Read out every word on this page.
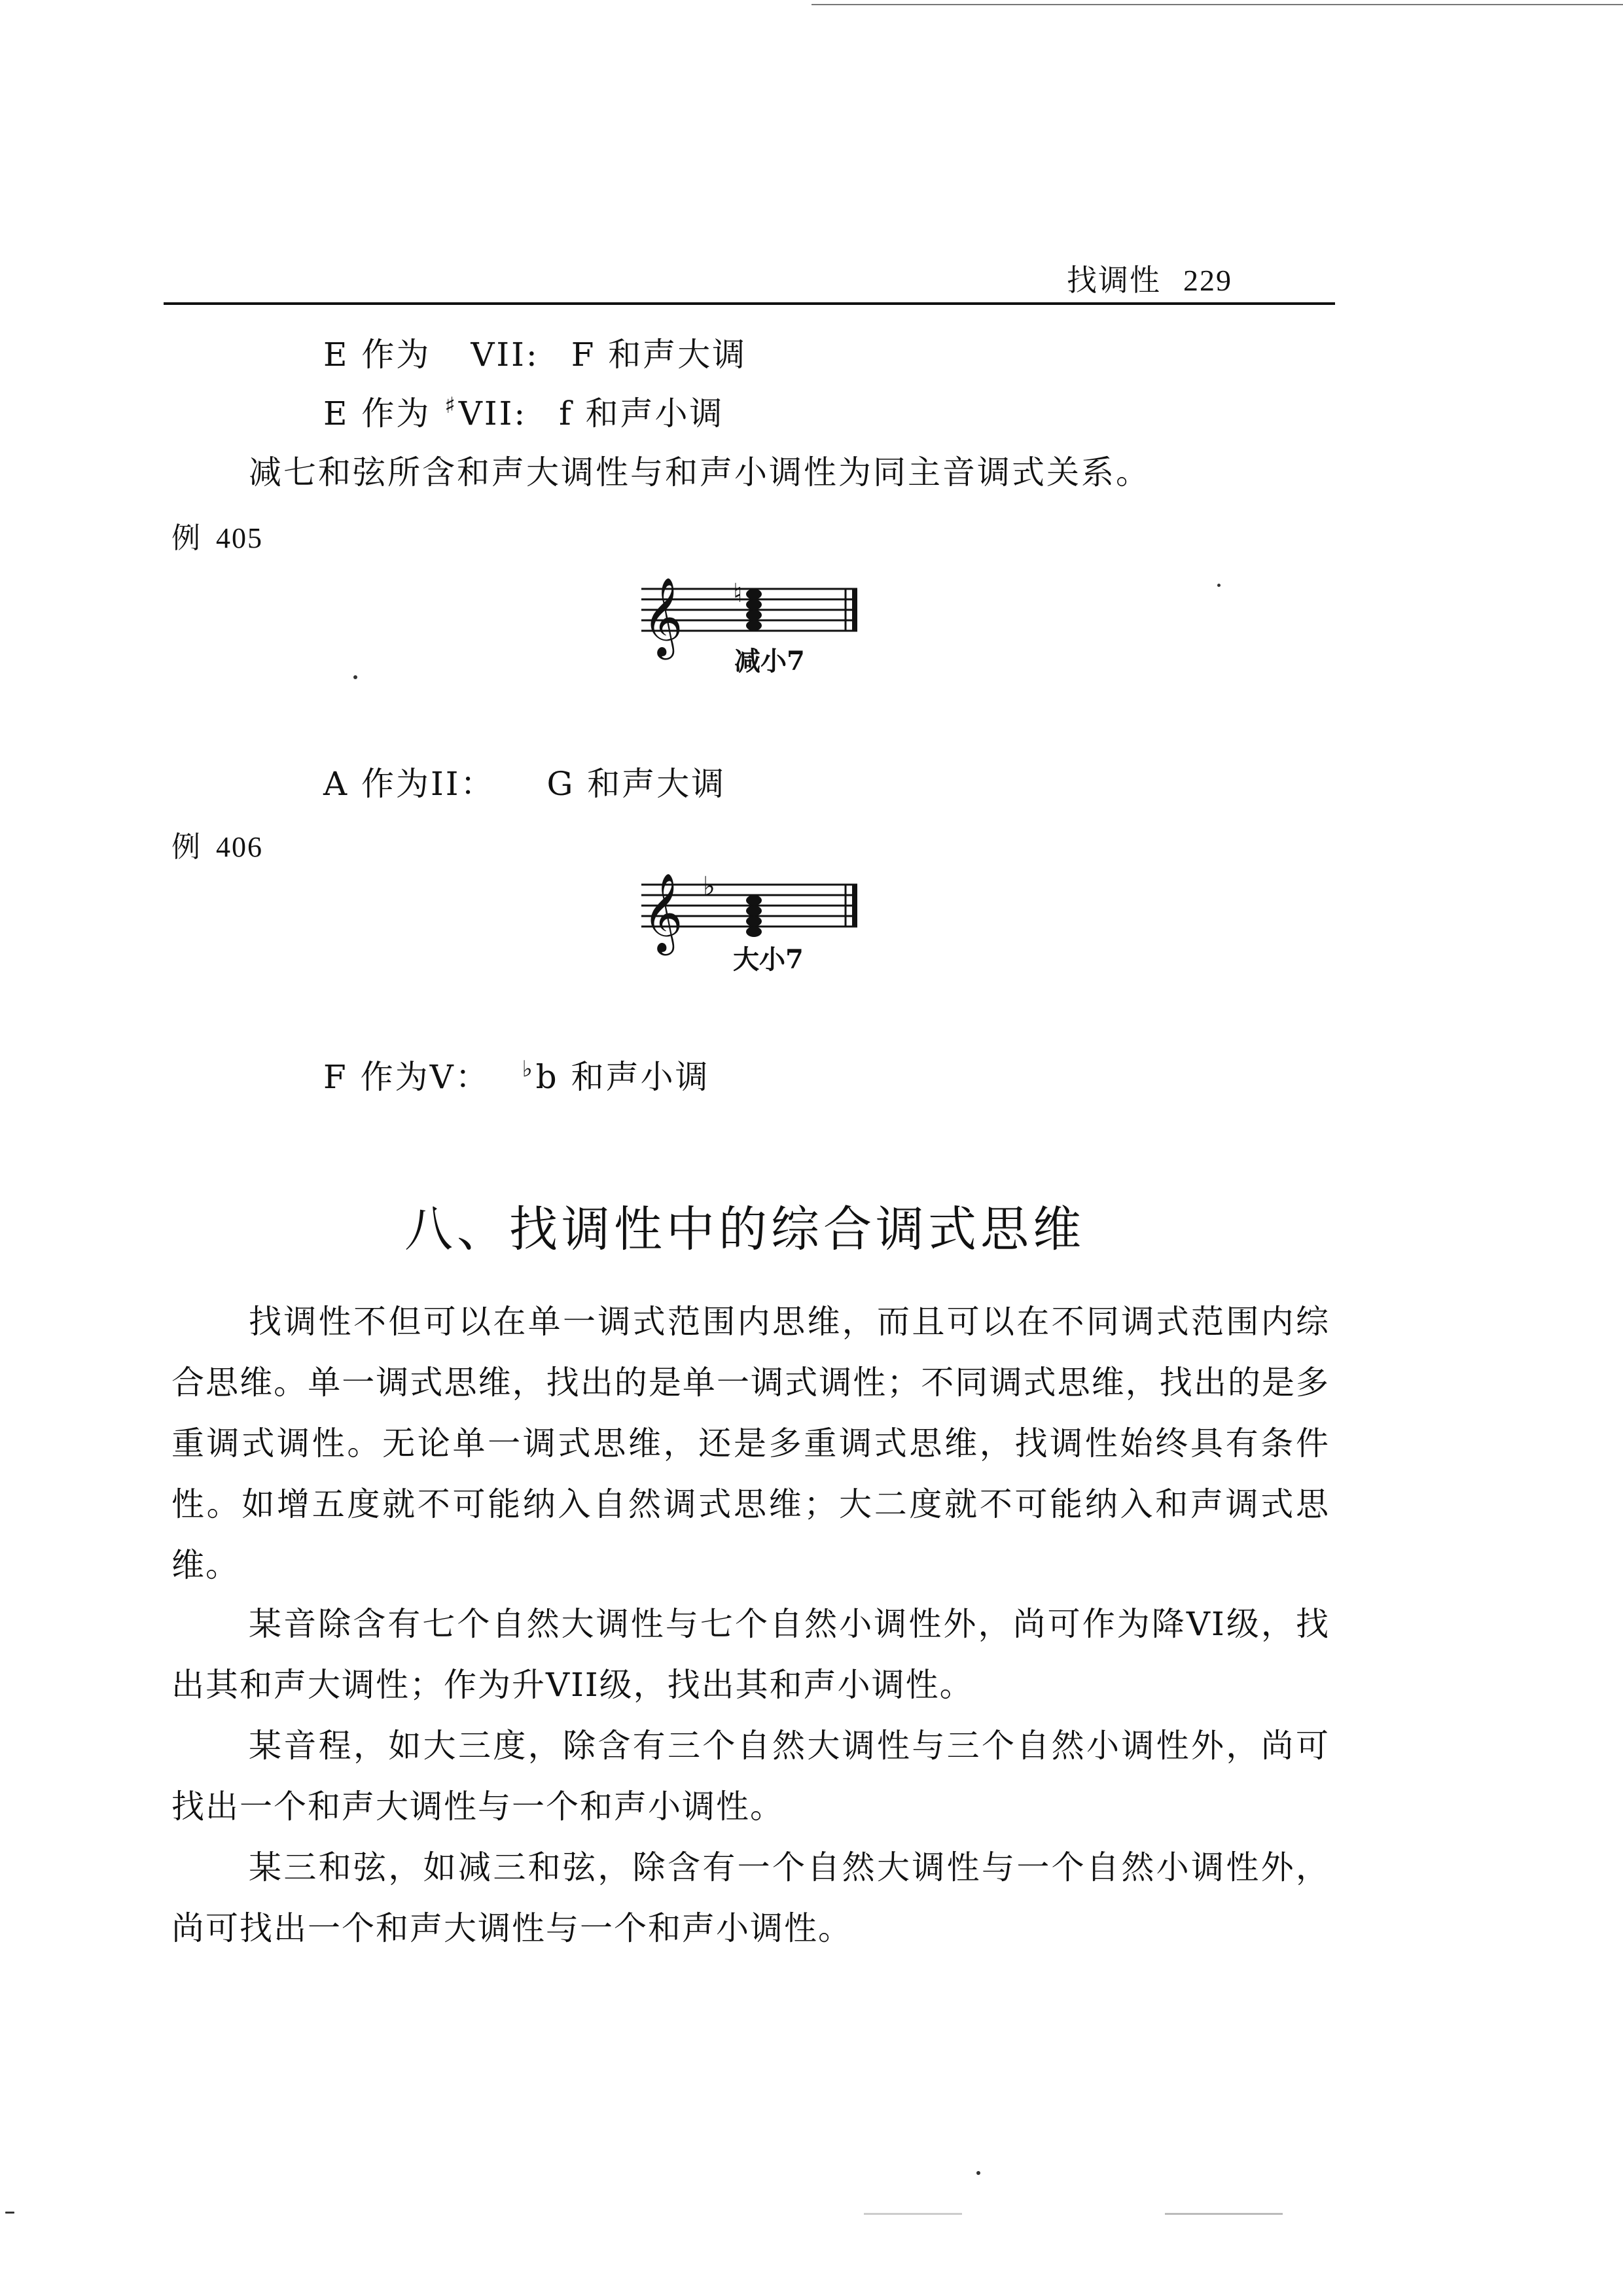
找调性 229
E 作为 VII: F 和声大调
E 作为 ♯VII: f 和声小调
减七和弦所含和声大调性与和声小调性为同主音调式关系。
例 405
𝄞 ♮
减小7
A 作为II： G 和声大调
例 406
𝄞 ♭
大小7
F 作为V： ♭b 和声小调
八、找调性中的综合调式思维

找调性不但可以在单一调式范围内思维，而且可以在不同调式范围内综合思维。单一调式思维，找出的是单一调式调性；不同调式思维，找出的是多重调式调性。无论单一调式思维，还是多重调式思维，找调性始终具有条件性。如增五度就不可能纳入自然调式思维；大二度就不可能纳入和声调式思维。

某音除含有七个自然大调性与七个自然小调性外，尚可作为降VI级，找出其和声大调性；作为升VII级，找出其和声小调性。

某音程，如大三度，除含有三个自然大调性与三个自然小调性外，尚可找出一个和声大调性与一个和声小调性。

某三和弦，如减三和弦，除含有一个自然大调性与一个自然小调性外，尚可找出一个和声大调性与一个和声小调性。
